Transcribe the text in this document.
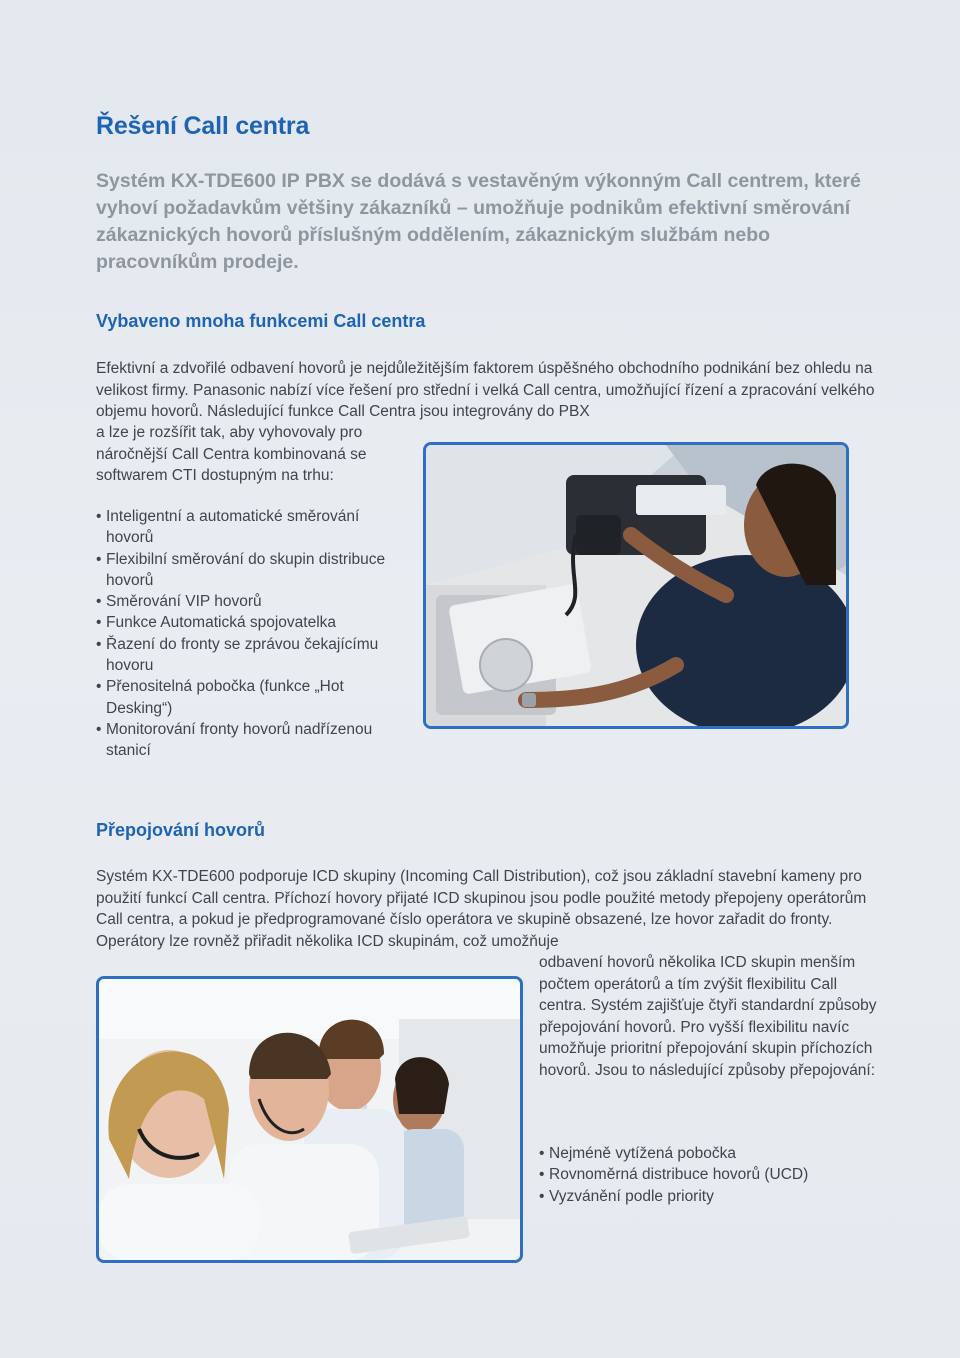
Řešení Call centra

Systém KX-TDE600 IP PBX se dodává s vestavěným výkonným Call centrem, které vyhoví požadavkům většiny zákazníků – umožňuje podnikům efektivní směrování zákaznických hovorů příslušným oddělením, zákaznickým službám nebo pracovníkům prodeje.

Vybaveno mnoha funkcemi Call centra

Efektivní a zdvořilé odbavení hovorů je nejdůležitějším faktorem úspěšného obchodního podnikání bez ohledu na velikost firmy. Panasonic nabízí více řešení pro střední i velká Call centra, umožňující řízení a zpracování velkého objemu hovorů. Následující funkce Call Centra jsou integrovány do PBX

a lze je rozšířit tak, aby vyhovovaly pro náročnější Call Centra kombinovaná se softwarem CTI dostupným na trhu:

• Inteligentní a automatické směrování hovorů
• Flexibilní směrování do skupin distribuce hovorů
• Směrování VIP hovorů
• Funkce Automatická spojovatelka
• Řazení do fronty se zprávou čekajícímu hovoru
• Přenositelná pobočka (funkce „Hot Desking“)
• Monitorování fronty hovorů nadřízenou stanicí
Přepojování hovorů

Systém KX-TDE600 podporuje ICD skupiny (Incoming Call Distribution), což jsou základní stavební kameny pro použití funkcí Call centra. Příchozí hovory přijaté ICD skupinou jsou podle použité metody přepojeny operátorům Call centra, a pokud je předprogramované číslo operátora ve skupině obsazené, lze hovor zařadit do fronty. Operátory lze rovněž přiřadit několika ICD skupinám, což umožňuje

odbavení hovorů několika ICD skupin menším počtem operátorů a tím zvýšit flexibilitu Call centra. Systém zajišťuje čtyři standardní způsoby přepojování hovorů. Pro vyšší flexibilitu navíc umožňuje prioritní přepojování skupin příchozích hovorů. Jsou to následující způsoby přepojování:

• Nejméně vytížená pobočka
• Rovnoměrná distribuce hovorů (UCD)
• Vyzvánění podle priority
